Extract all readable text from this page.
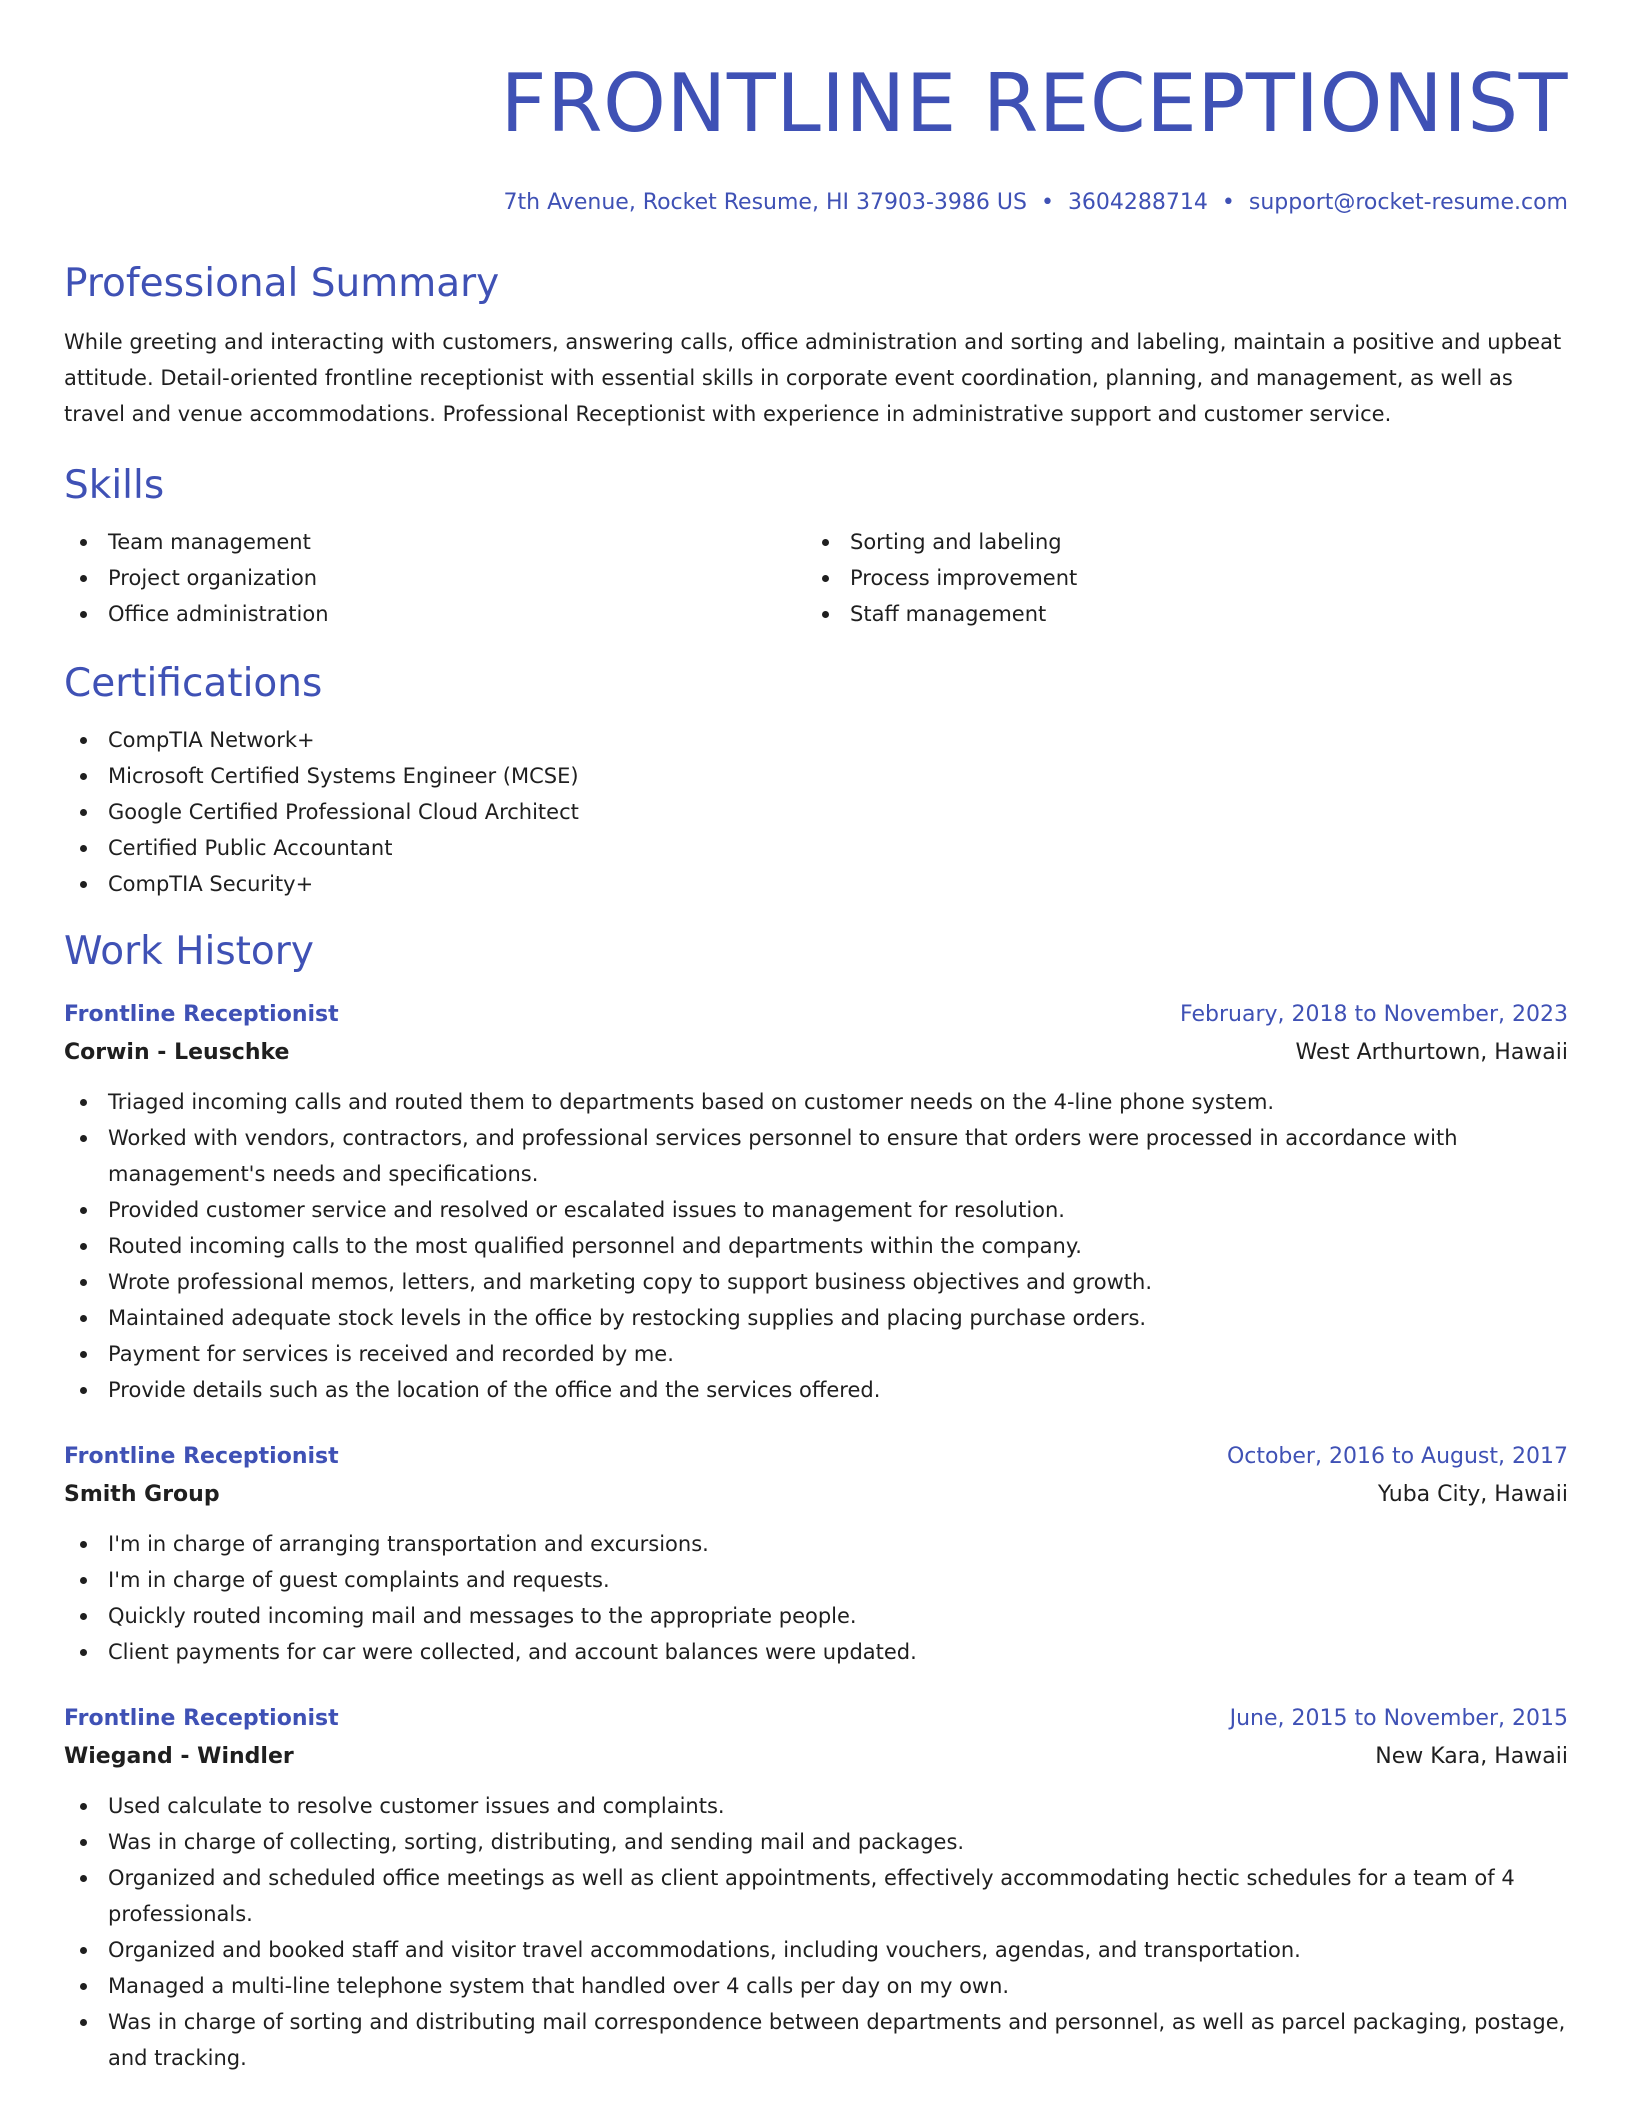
FRONTLINE RECEPTIONIST
7th Avenue, Rocket Resume, HI 37903-3986 US • 3604288714 • support@rocket-resume.com
Professional Summary
While greeting and interacting with customers, answering calls, office administration and sorting and labeling, maintain a positive and upbeat attitude. Detail-oriented frontline receptionist with essential skills in corporate event coordination, planning, and management, as well as travel and venue accommodations. Professional Receptionist with experience in administrative support and customer service.
Skills
Team management
Project organization
Office administration
Sorting and labeling
Process improvement
Staff management
Certifications
CompTIA Network+
Microsoft Certified Systems Engineer (MCSE)
Google Certified Professional Cloud Architect
Certified Public Accountant
CompTIA Security+
Work History
Frontline Receptionist	February, 2018 to November, 2023
Corwin - Leuschke	West Arthurtown, Hawaii
Triaged incoming calls and routed them to departments based on customer needs on the 4-line phone system.
Worked with vendors, contractors, and professional services personnel to ensure that orders were processed in accordance with management's needs and specifications.
Provided customer service and resolved or escalated issues to management for resolution.
Routed incoming calls to the most qualified personnel and departments within the company.
Wrote professional memos, letters, and marketing copy to support business objectives and growth.
Maintained adequate stock levels in the office by restocking supplies and placing purchase orders.
Payment for services is received and recorded by me.
Provide details such as the location of the office and the services offered.
Frontline Receptionist	October, 2016 to August, 2017
Smith Group	Yuba City, Hawaii
I'm in charge of arranging transportation and excursions.
I'm in charge of guest complaints and requests.
Quickly routed incoming mail and messages to the appropriate people.
Client payments for car were collected, and account balances were updated.
Frontline Receptionist	June, 2015 to November, 2015
Wiegand - Windler	New Kara, Hawaii
Used calculate to resolve customer issues and complaints.
Was in charge of collecting, sorting, distributing, and sending mail and packages.
Organized and scheduled office meetings as well as client appointments, effectively accommodating hectic schedules for a team of 4 professionals.
Organized and booked staff and visitor travel accommodations, including vouchers, agendas, and transportation.
Managed a multi-line telephone system that handled over 4 calls per day on my own.
Was in charge of sorting and distributing mail correspondence between departments and personnel, as well as parcel packaging, postage, and tracking.
